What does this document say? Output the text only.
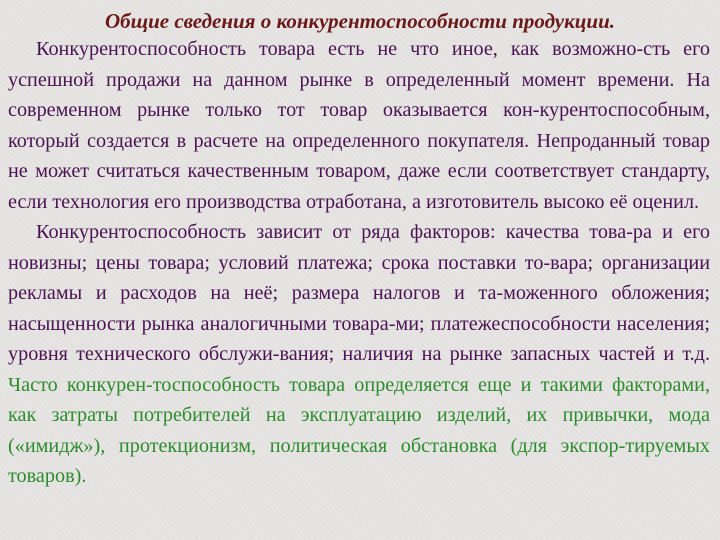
Общие сведения о конкурентоспособности продукции.

Конкурентоспособность товара есть не что иное, как возможно-сть его успешной продажи на данном рынке в определенный момент времени. На современном рынке только тот товар оказывается кон-курентоспособным, который создается в расчете на определенного покупателя. Непроданный товар не может считаться качественным товаром, даже если соответствует стандарту, если технология его производства отработана, а изготовитель высоко её оценил.

Конкурентоспособность зависит от ряда факторов: качества това-ра и его новизны; цены товара; условий платежа; срока поставки то-вара; организации рекламы и расходов на неё; размера налогов и та-моженного обложения; насыщенности рынка аналогичными товара-ми; платежеспособности населения; уровня технического обслужи-вания; наличия на рынке запасных частей и т.д. Часто конкурен-тоспособность товара определяется еще и такими факторами, как затраты потребителей на эксплуатацию изделий, их привычки, мода («имидж»), протекционизм, политическая обстановка (для экспор-тируемых товаров).
